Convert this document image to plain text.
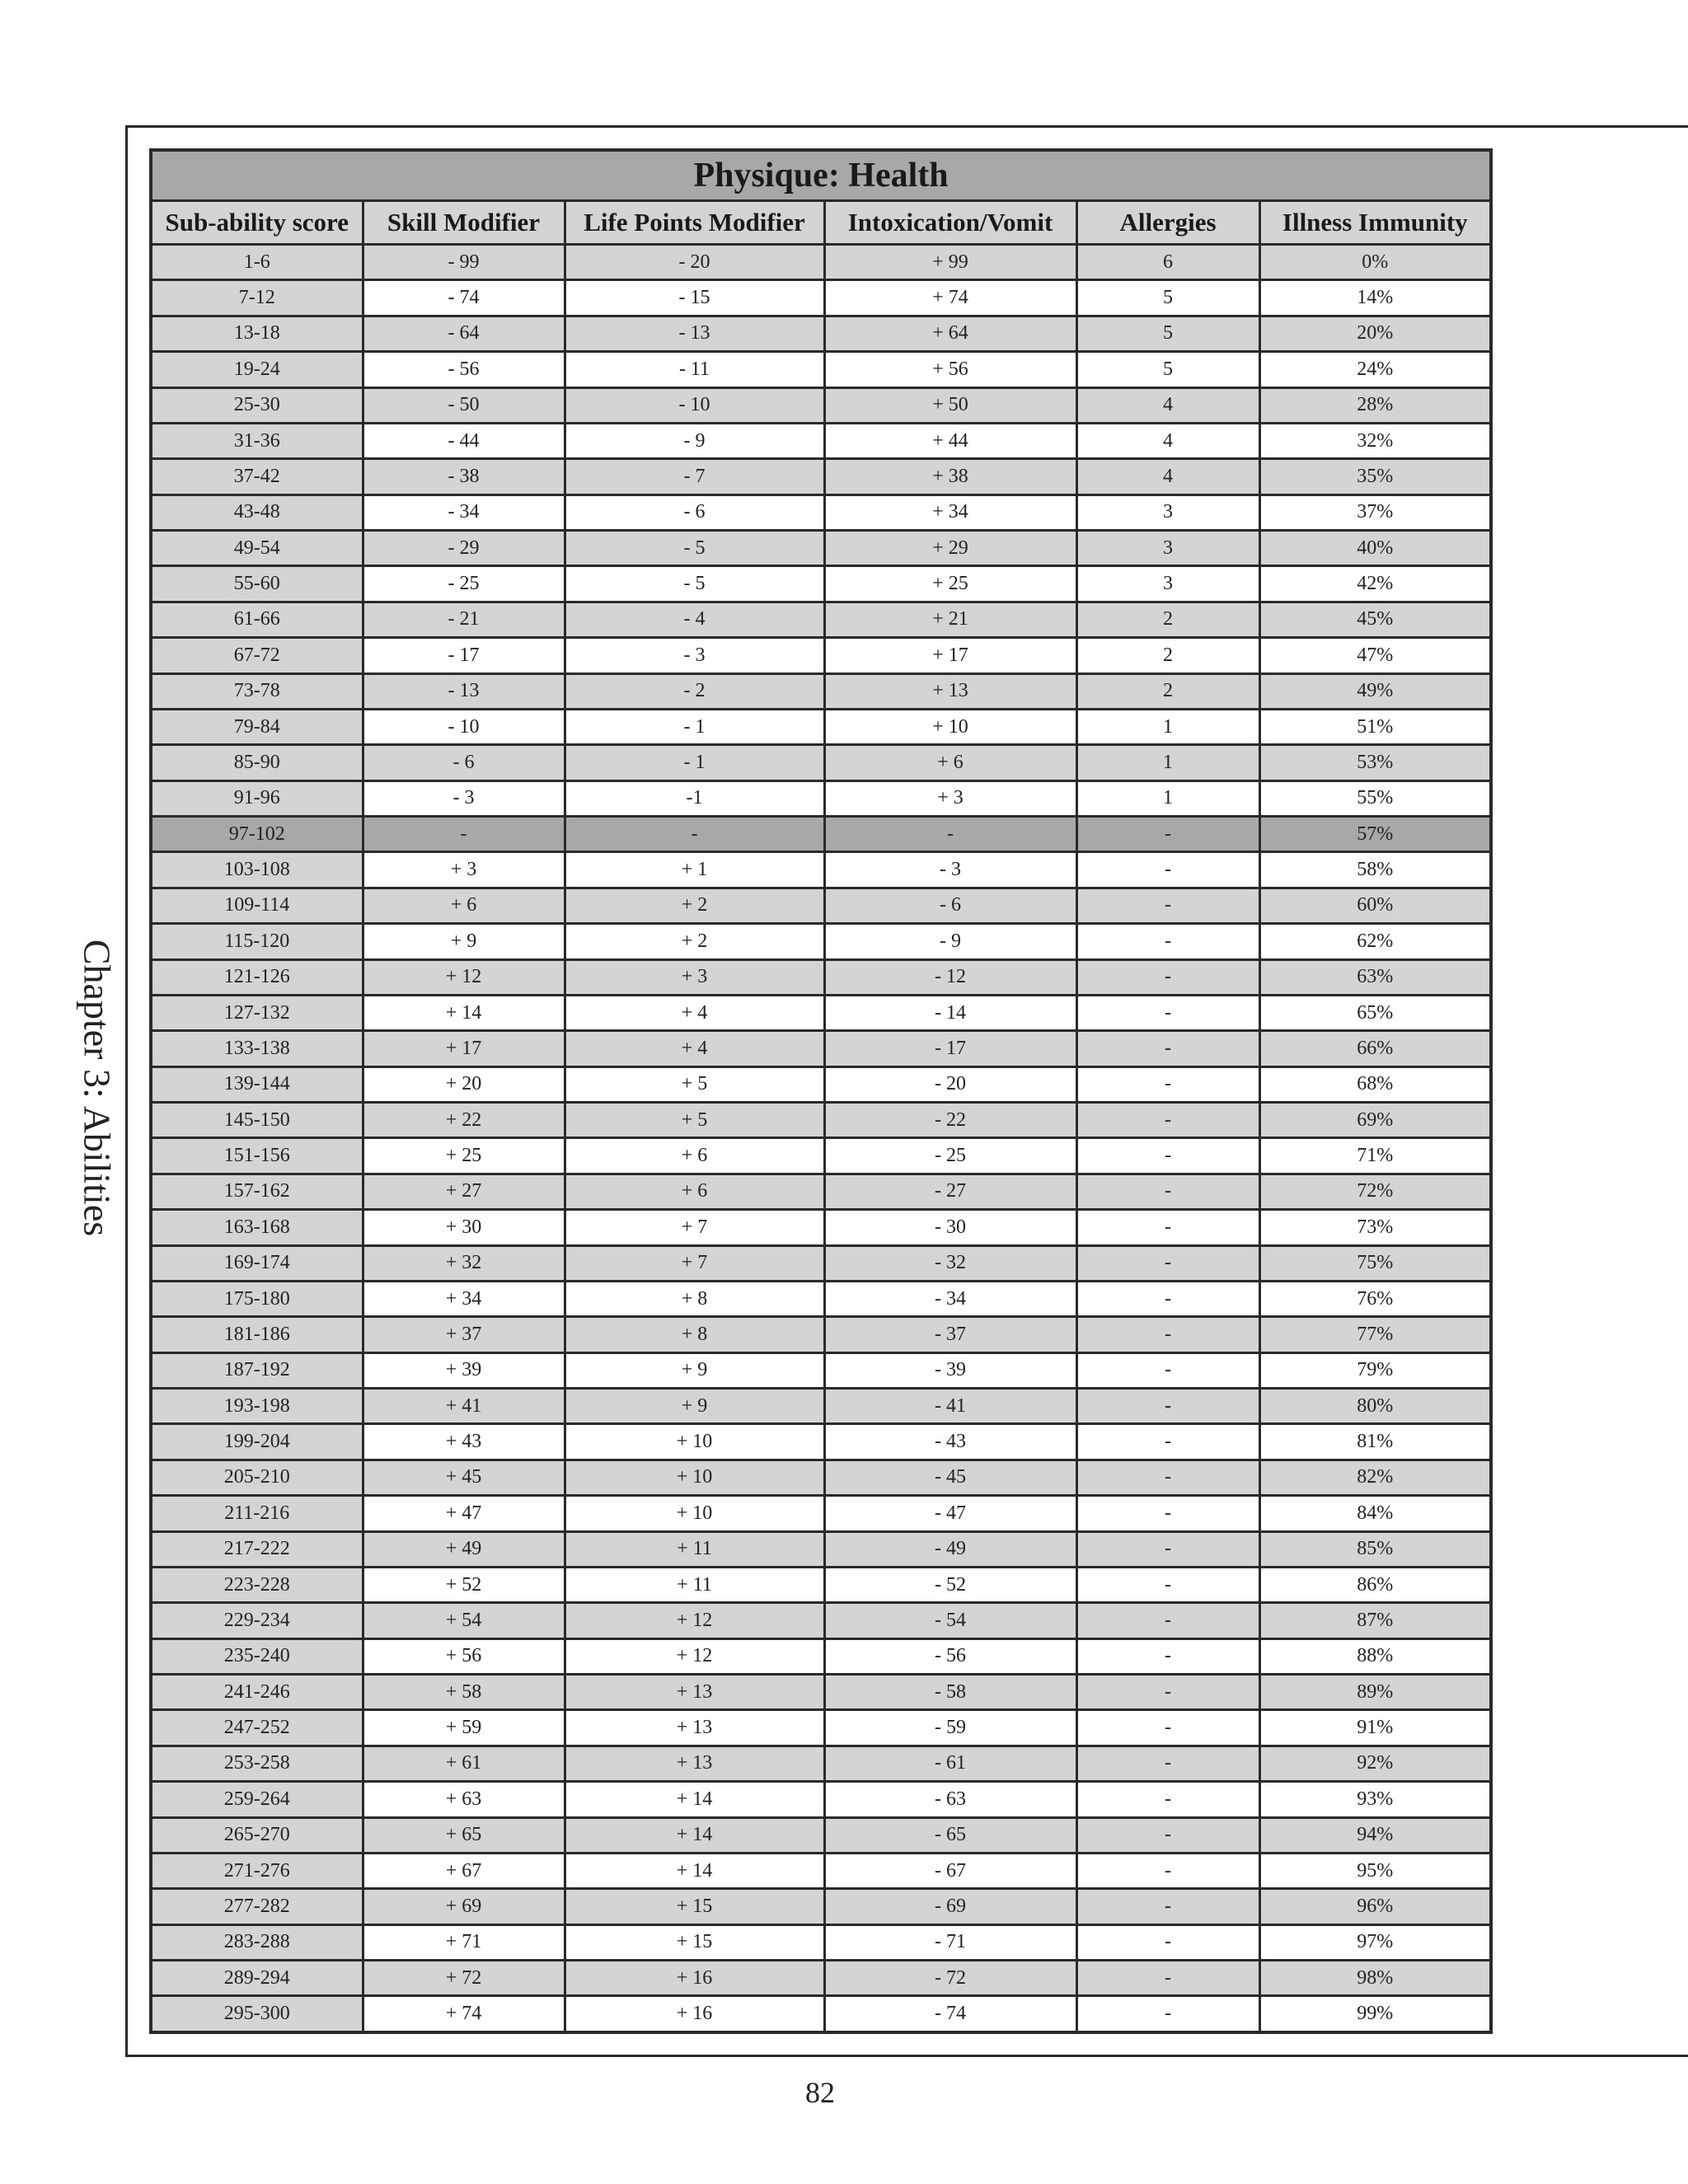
Chapter 3: Abilities
Physique: Health					
Sub-ability score	Skill Modifier	Life Points Modifier	Intoxication/Vomit	Allergies	Illness Immunity
1-6	- 99	- 20	+ 99	6	0%
7-12	- 74	- 15	+ 74	5	14%
13-18	- 64	- 13	+ 64	5	20%
19-24	- 56	- 11	+ 56	5	24%
25-30	- 50	- 10	+ 50	4	28%
31-36	- 44	- 9	+ 44	4	32%
37-42	- 38	- 7	+ 38	4	35%
43-48	- 34	- 6	+ 34	3	37%
49-54	- 29	- 5	+ 29	3	40%
55-60	- 25	- 5	+ 25	3	42%
61-66	- 21	- 4	+ 21	2	45%
67-72	- 17	- 3	+ 17	2	47%
73-78	- 13	- 2	+ 13	2	49%
79-84	- 10	- 1	+ 10	1	51%
85-90	- 6	- 1	+ 6	1	53%
91-96	- 3	-1	+ 3	1	55%
97-102	-	-	-	-	57%
103-108	+ 3	+ 1	- 3	-	58%
109-114	+ 6	+ 2	- 6	-	60%
115-120	+ 9	+ 2	- 9	-	62%
121-126	+ 12	+ 3	- 12	-	63%
127-132	+ 14	+ 4	- 14	-	65%
133-138	+ 17	+ 4	- 17	-	66%
139-144	+ 20	+ 5	- 20	-	68%
145-150	+ 22	+ 5	- 22	-	69%
151-156	+ 25	+ 6	- 25	-	71%
157-162	+ 27	+ 6	- 27	-	72%
163-168	+ 30	+ 7	- 30	-	73%
169-174	+ 32	+ 7	- 32	-	75%
175-180	+ 34	+ 8	- 34	-	76%
181-186	+ 37	+ 8	- 37	-	77%
187-192	+ 39	+ 9	- 39	-	79%
193-198	+ 41	+ 9	- 41	-	80%
199-204	+ 43	+ 10	- 43	-	81%
205-210	+ 45	+ 10	- 45	-	82%
211-216	+ 47	+ 10	- 47	-	84%
217-222	+ 49	+ 11	- 49	-	85%
223-228	+ 52	+ 11	- 52	-	86%
229-234	+ 54	+ 12	- 54	-	87%
235-240	+ 56	+ 12	- 56	-	88%
241-246	+ 58	+ 13	- 58	-	89%
247-252	+ 59	+ 13	- 59	-	91%
253-258	+ 61	+ 13	- 61	-	92%
259-264	+ 63	+ 14	- 63	-	93%
265-270	+ 65	+ 14	- 65	-	94%
271-276	+ 67	+ 14	- 67	-	95%
277-282	+ 69	+ 15	- 69	-	96%
283-288	+ 71	+ 15	- 71	-	97%
289-294	+ 72	+ 16	- 72	-	98%
295-300	+ 74	+ 16	- 74	-	99%
82
